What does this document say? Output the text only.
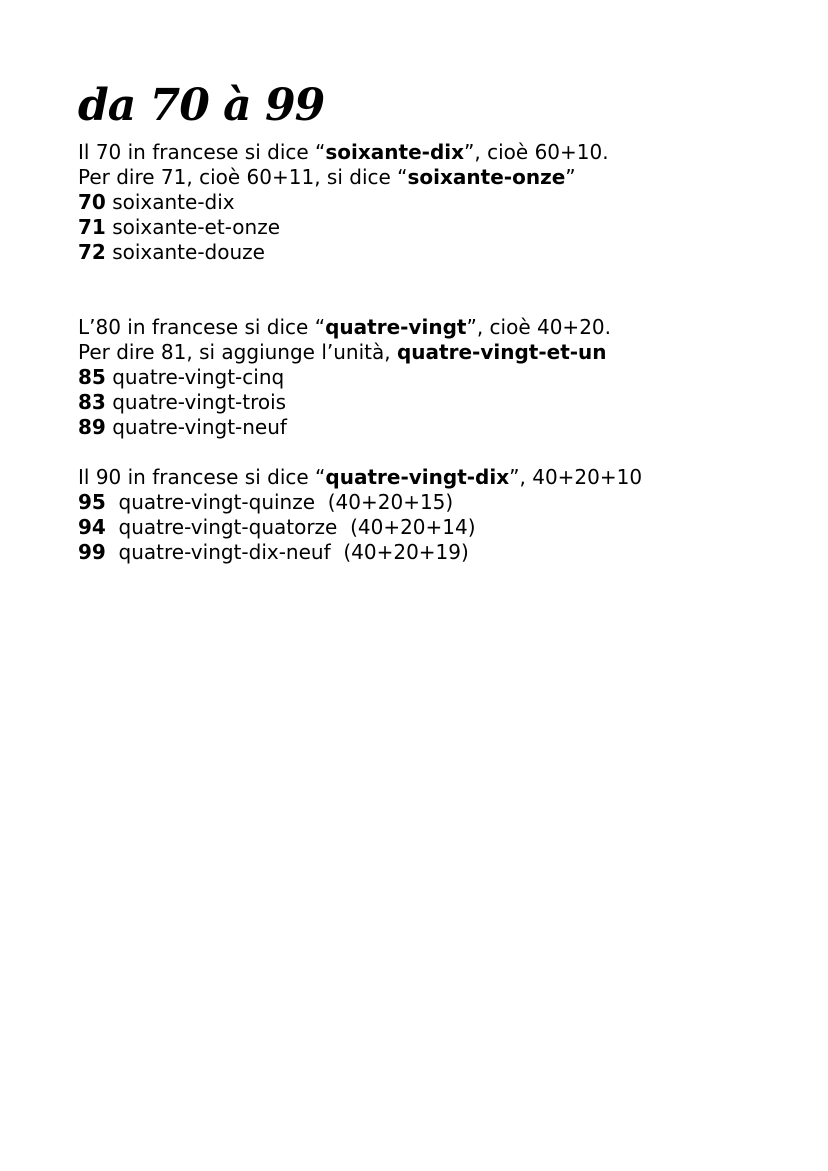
da 70 à 99
Il 70 in francese si dice “soixante-dix”, cioè 60+10.
Per dire 71, cioè 60+11, si dice “soixante-onze”
70 soixante-dix
71 soixante-et-onze
72 soixante-douze
L’80 in francese si dice “quatre-vingt”, cioè 40+20.
Per dire 81, si aggiunge l’unità, quatre-vingt-et-un
85 quatre-vingt-cinq
83 quatre-vingt-trois
89 quatre-vingt-neuf
Il 90 in francese si dice “quatre-vingt-dix”, 40+20+10
95  quatre-vingt-quinze  (40+20+15)
94  quatre-vingt-quatorze  (40+20+14)
99  quatre-vingt-dix-neuf  (40+20+19)
